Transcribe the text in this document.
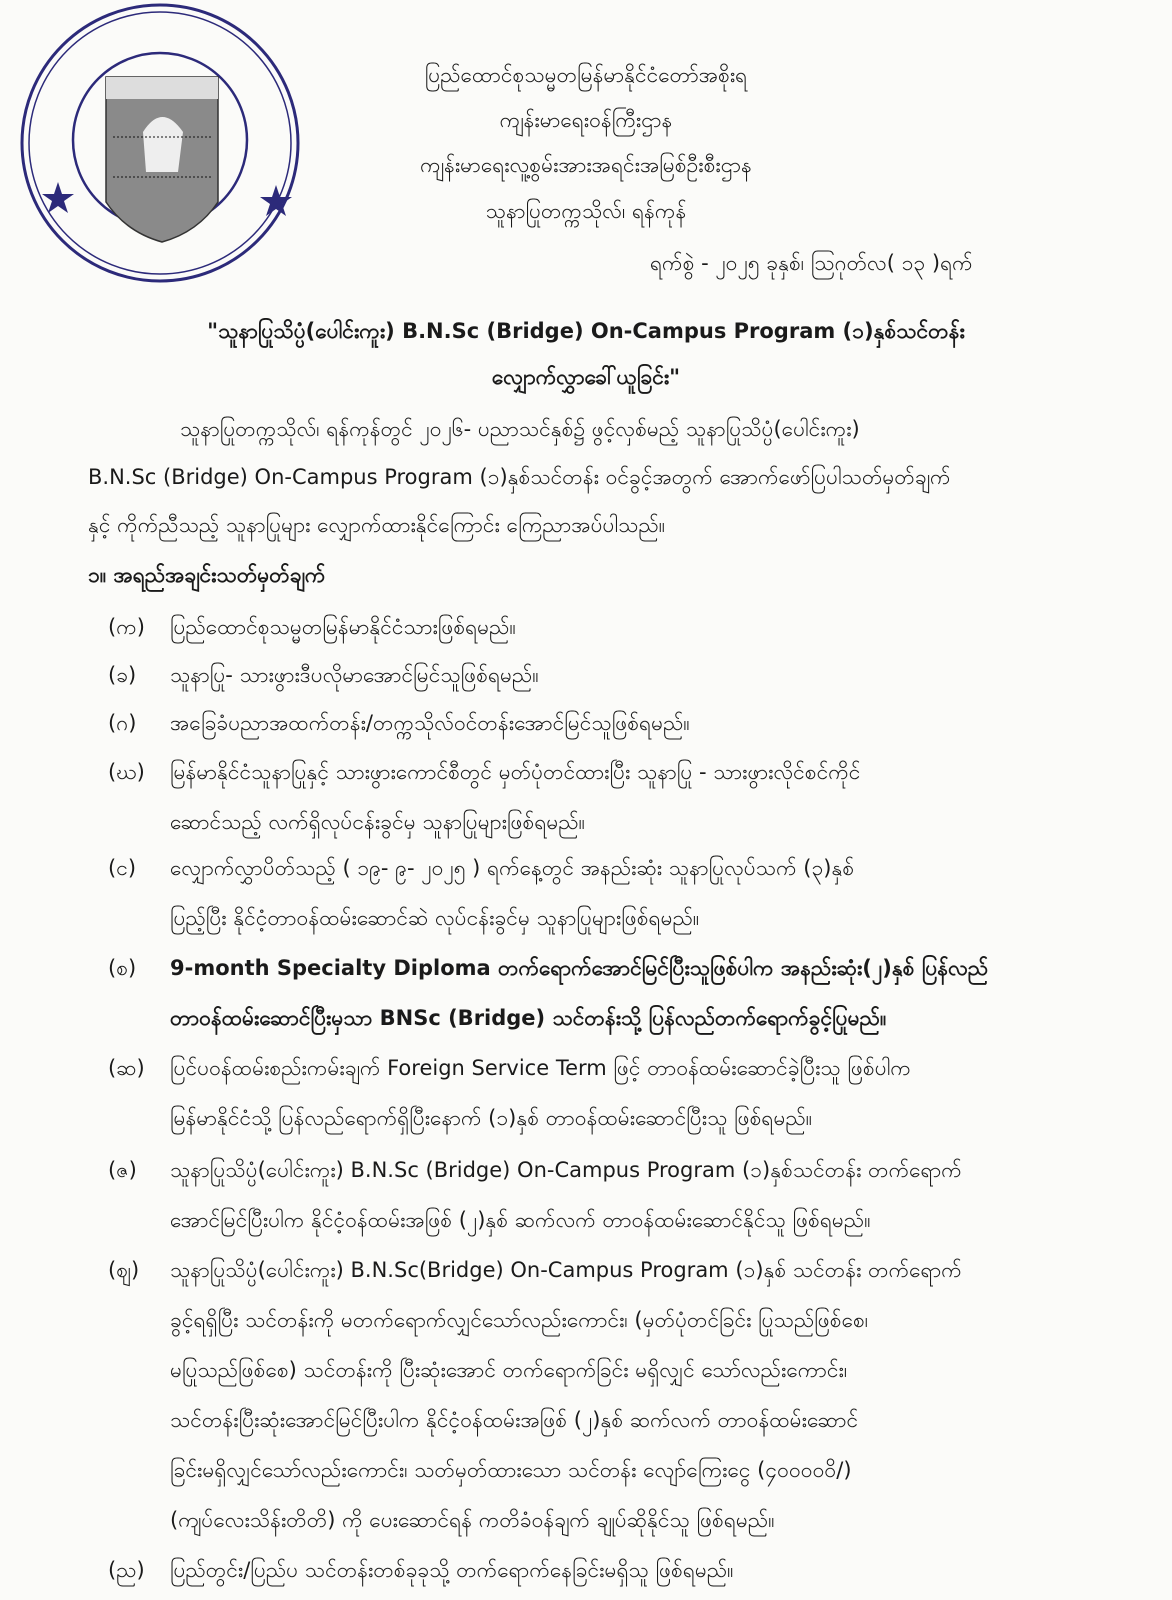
ပြည်ထောင်စုသမ္မတမြန်မာနိုင်ငံတော်အစိုးရ
ကျန်းမာရေးဝန်ကြီးဌာန
ကျန်းမာရေးလူ့စွမ်းအားအရင်းအမြစ်ဦးစီးဌာန
သူနာပြုတက္ကသိုလ်၊ ရန်ကုန်
ရက်စွဲ - ၂၀၂၅ ခုနှစ်၊ ဩဂုတ်လ( ၁၃ )ရက်
"သူနာပြုသိပ္ပံ(ပေါင်းကူး) B.N.Sc (Bridge) On-Campus Program (၁)နှစ်သင်တန်း
လျှောက်လွှာခေါ်ယူခြင်း"
သူနာပြုတက္ကသိုလ်၊ ရန်ကုန်တွင် ၂၀၂၆- ပညာသင်နှစ်၌ ဖွင့်လှစ်မည့် သူနာပြုသိပ္ပံ(ပေါင်းကူး)
B.N.Sc (Bridge) On-Campus Program (၁)နှစ်သင်တန်း ဝင်ခွင့်အတွက် အောက်ဖော်ပြပါသတ်မှတ်ချက်
နှင့် ကိုက်ညီသည့် သူနာပြုများ လျှောက်ထားနိုင်ကြောင်း ကြေညာအပ်ပါသည်။
၁။ အရည်အချင်းသတ်မှတ်ချက်
(က) ပြည်ထောင်စုသမ္မတမြန်မာနိုင်ငံသားဖြစ်ရမည်။
(ခ) သူနာပြု- သားဖွားဒီပလိုမာအောင်မြင်သူဖြစ်ရမည်။
(ဂ) အခြေခံပညာအထက်တန်း/တက္ကသိုလ်ဝင်တန်းအောင်မြင်သူဖြစ်ရမည်။
(ဃ) မြန်မာနိုင်ငံသူနာပြုနှင့် သားဖွားကောင်စီတွင် မှတ်ပုံတင်ထားပြီး သူနာပြု - သားဖွားလိုင်စင်ကိုင်
ဆောင်သည့် လက်ရှိလုပ်ငန်းခွင်မှ သူနာပြုများဖြစ်ရမည်။
(င) လျှောက်လွှာပိတ်သည့် ( ၁၉- ၉- ၂၀၂၅ ) ရက်နေ့တွင် အနည်းဆုံး သူနာပြုလုပ်သက် (၃)နှစ်
ပြည့်ပြီး နိုင်ငံ့တာဝန်ထမ်းဆောင်ဆဲ လုပ်ငန်းခွင်မှ သူနာပြုများဖြစ်ရမည်။
(စ) 9-month Specialty Diploma တက်ရောက်အောင်မြင်ပြီးသူဖြစ်ပါက အနည်းဆုံး(၂)နှစ် ပြန်လည်
တာဝန်ထမ်းဆောင်ပြီးမှသာ BNSc (Bridge) သင်တန်းသို့ ပြန်လည်တက်ရောက်ခွင့်ပြုမည်။
(ဆ) ပြင်ပဝန်ထမ်းစည်းကမ်းချက် Foreign Service Term ဖြင့် တာဝန်ထမ်းဆောင်ခဲ့ပြီးသူ ဖြစ်ပါက
မြန်မာနိုင်ငံသို့ ပြန်လည်ရောက်ရှိပြီးနောက် (၁)နှစ် တာဝန်ထမ်းဆောင်ပြီးသူ ဖြစ်ရမည်။
(ဇ) သူနာပြုသိပ္ပံ(ပေါင်းကူး) B.N.Sc (Bridge) On-Campus Program (၁)နှစ်သင်တန်း တက်ရောက်
အောင်မြင်ပြီးပါက နိုင်ငံ့ဝန်ထမ်းအဖြစ် (၂)နှစ် ဆက်လက် တာဝန်ထမ်းဆောင်နိုင်သူ ဖြစ်ရမည်။
(ဈ) သူနာပြုသိပ္ပံ(ပေါင်းကူး) B.N.Sc(Bridge) On-Campus Program (၁)နှစ် သင်တန်း တက်ရောက်
ခွင့်ရရှိပြီး သင်တန်းကို မတက်ရောက်လျှင်သော်လည်းကောင်း၊ (မှတ်ပုံတင်ခြင်း ပြုသည်ဖြစ်စေ၊
မပြုသည်ဖြစ်စေ) သင်တန်းကို ပြီးဆုံးအောင် တက်ရောက်ခြင်း မရှိလျှင် သော်လည်းကောင်း၊
သင်တန်းပြီးဆုံးအောင်မြင်ပြီးပါက နိုင်ငံ့ဝန်ထမ်းအဖြစ် (၂)နှစ် ဆက်လက် တာဝန်ထမ်းဆောင်
ခြင်းမရှိလျှင်သော်လည်းကောင်း၊ သတ်မှတ်ထားသော သင်တန်း လျော်ကြေးငွေ (၄၀၀၀၀၀ိ/)
(ကျပ်လေးသိန်းတိတိ) ကို ပေးဆောင်ရန် ကတိခံဝန်ချက် ချုပ်ဆိုနိုင်သူ ဖြစ်ရမည်။
(ည) ပြည်တွင်း/ပြည်ပ သင်တန်းတစ်ခုခုသို့ တက်ရောက်နေခြင်းမရှိသူ ဖြစ်ရမည်။
